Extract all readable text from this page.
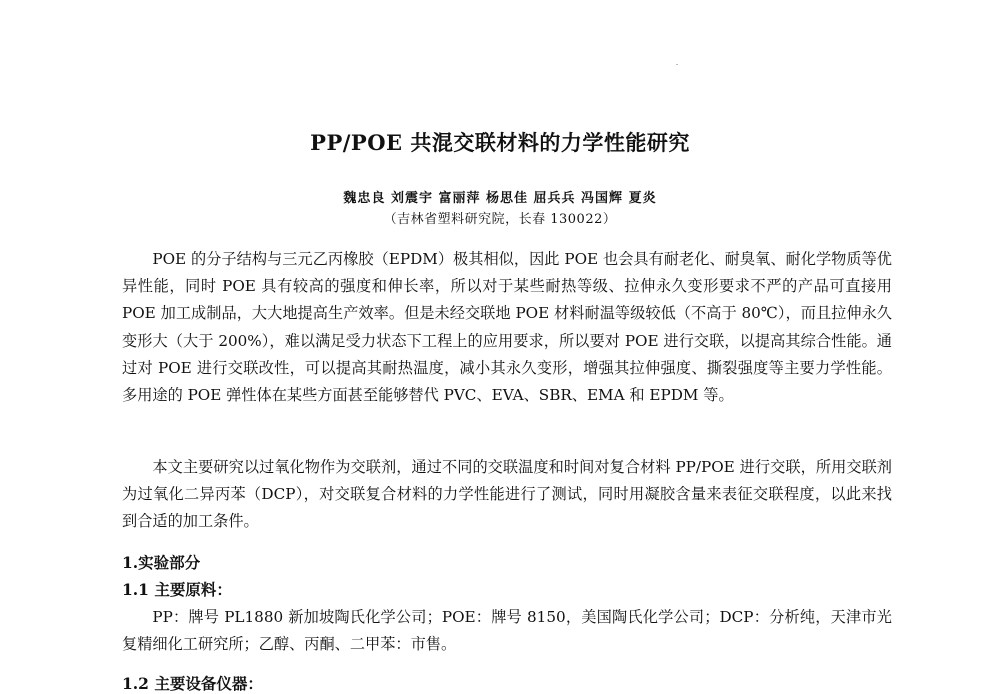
PP/POE 共混交联材料的力学性能研究
魏忠良 刘震宇 富丽萍 杨思佳 屈兵兵 冯国辉 夏炎
（吉林省塑料研究院，长春 130022）

POE 的分子结构与三元乙丙橡胶（EPDM）极其相似，因此 POE 也会具有耐老化、耐臭氧、耐化学物质等优异性能，同时 POE 具有较高的强度和伸长率，所以对于某些耐热等级、拉伸永久变形要求不严的产品可直接用 POE 加工成制品，大大地提高生产效率。但是未经交联地 POE 材料耐温等级较低（不高于 80℃），而且拉伸永久变形大（大于 200%），难以满足受力状态下工程上的应用要求，所以要对 POE 进行交联，以提高其综合性能。通过对 POE 进行交联改性，可以提高其耐热温度，减小其永久变形，增强其拉伸强度、撕裂强度等主要力学性能。多用途的 POE 弹性体在某些方面甚至能够替代 PVC、EVA、SBR、EMA 和 EPDM 等。

本文主要研究以过氧化物作为交联剂，通过不同的交联温度和时间对复合材料 PP/POE 进行交联，所用交联剂为过氧化二异丙苯（DCP），对交联复合材料的力学性能进行了测试，同时用凝胶含量来表征交联程度，以此来找到合适的加工条件。

1.实验部分
1.1 主要原料：

PP：牌号 PL1880 新加坡陶氏化学公司；POE：牌号 8150，美国陶氏化学公司；DCP：分析纯，天津市光复精细化工研究所；乙醇、丙酮、二甲苯：市售。

1.2 主要设备仪器：
